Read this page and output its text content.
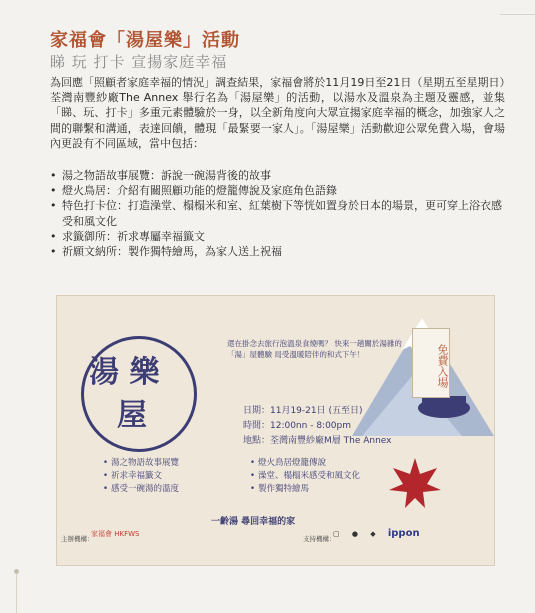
家福會「湯屋樂」活動
睇 玩 打卡 宣揚家庭幸福
為回應「照顧者家庭幸福的情況」調查結果，家福會將於11月19日至21日（星期五至星期日）荃灣南豐紗廠The Annex 舉行名為「湯屋樂」的活動，以湯水及溫泉為主題及靈感，並集「睇、玩、打卡」多重元素體驗於一身，以全新角度向大眾宣揚家庭幸福的概念，加強家人之間的聯繫和溝通，表達回饋，體現「最緊要一家人」。「湯屋樂」活動歡迎公眾免費入場，會場內更設有不同區域，當中包括：
• 湯之物語故事展覽：訴說一碗湯背後的故事
• 燈火鳥居：介紹有關照顧功能的燈籠傳說及家庭角色語錄
• 特色打卡位：打造澡堂、榻榻米和室、紅葉樹下等恍如置身於日本的場景，更可穿上浴衣感受和風文化
• 求籤御所：祈求專屬幸福籤文
• 祈願文納所：製作獨特繪馬，為家人送上祝福
免費入場
湯 樂
屋
還在掛念去旅行泡溫泉食燒嗎？ 快來一趟關於湯雜的「湯」屋體驗 局受溫暖陪伴的和式下午！
日期：11月19-21日 (五至日)
時間：12:00nn - 8:00pm
地點：荃灣南豐紗廠M層 The Annex
• 湯之物語故事展覽
• 祈求幸福籤文
• 感受一碗湯的溫度
• 燈火鳥居燈籠傳說
• 澡堂、榻榻米感受和風文化
• 製作獨特繪馬
一齡湯 尋回幸福的家
主辦機構：
家福會 HKFWS
支持機構：
▢ ● ◆ ippon
